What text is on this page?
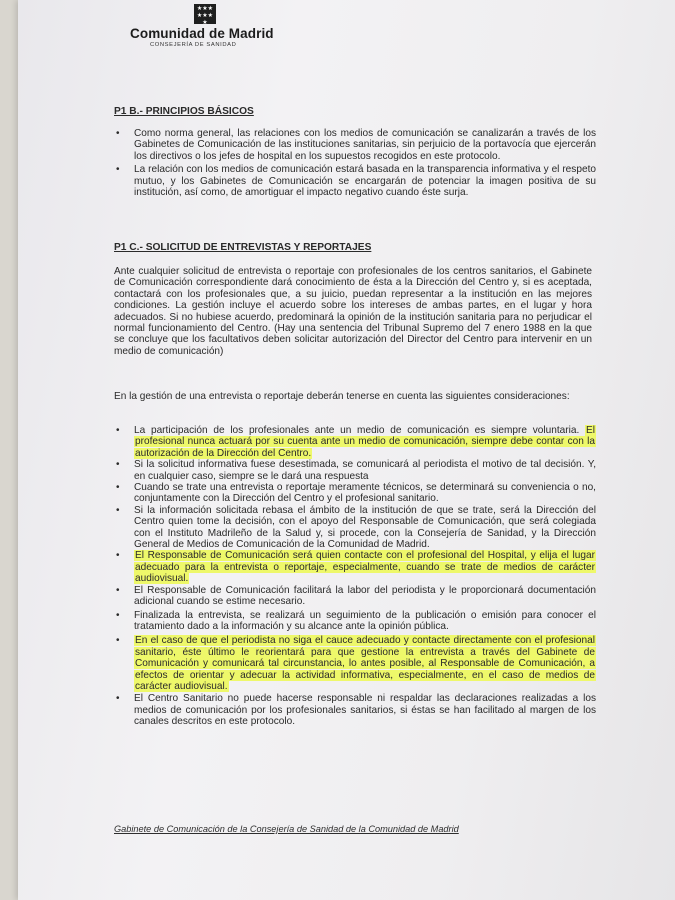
★★★
★★★
★
Comunidad de Madrid
CONSEJERÍA DE SANIDAD
P1 B.- PRINCIPIOS BÁSICOS
• Como norma general, las relaciones con los medios de comunicación se canalizarán a través de los Gabinetes de Comunicación de las instituciones sanitarias, sin perjuicio de la portavocía que ejercerán los directivos o los jefes de hospital en los supuestos recogidos en este protocolo.
• La relación con los medios de comunicación estará basada en la transparencia informativa y el respeto mutuo, y los Gabinetes de Comunicación se encargarán de potenciar la imagen positiva de su institución, así como, de amortiguar el impacto negativo cuando éste surja.
P1 C.- SOLICITUD DE ENTREVISTAS Y REPORTAJES
Ante cualquier solicitud de entrevista o reportaje con profesionales de los centros sanitarios, el Gabinete de Comunicación correspondiente dará conocimiento de ésta a la Dirección del Centro y, si es aceptada, contactará con los profesionales que, a su juicio, puedan representar a la institución en las mejores condiciones. La gestión incluye el acuerdo sobre los intereses de ambas partes, en el lugar y hora adecuados. Si no hubiese acuerdo, predominará la opinión de la institución sanitaria para no perjudicar el normal funcionamiento del Centro. (Hay una sentencia del Tribunal Supremo del 7 enero 1988 en la que se concluye que los facultativos deben solicitar autorización del Director del Centro para intervenir en un medio de comunicación)
En la gestión de una entrevista o reportaje deberán tenerse en cuenta las siguientes consideraciones:
• La participación de los profesionales ante un medio de comunicación es siempre voluntaria. El profesional nunca actuará por su cuenta ante un medio de comunicación, siempre debe contar con la autorización de la Dirección del Centro.
• Si la solicitud informativa fuese desestimada, se comunicará al periodista el motivo de tal decisión. Y, en cualquier caso, siempre se le dará una respuesta
• Cuando se trate una entrevista o reportaje meramente técnicos, se determinará su conveniencia o no, conjuntamente con la Dirección del Centro y el profesional sanitario.
• Si la información solicitada rebasa el ámbito de la institución de que se trate, será la Dirección del Centro quien tome la decisión, con el apoyo del Responsable de Comunicación, que será colegiada con el Instituto Madrileño de la Salud y, si procede, con la Consejería de Sanidad, y la Dirección General de Medios de Comunicación de la Comunidad de Madrid.
• El Responsable de Comunicación será quien contacte con el profesional del Hospital, y elija el lugar adecuado para la entrevista o reportaje, especialmente, cuando se trate de medios de carácter audiovisual.
• El Responsable de Comunicación facilitará la labor del periodista y le proporcionará documentación adicional cuando se estime necesario.
• Finalizada la entrevista, se realizará un seguimiento de la publicación o emisión para conocer el tratamiento dado a la información y su alcance ante la opinión pública.
• En el caso de que el periodista no siga el cauce adecuado y contacte directamente con el profesional sanitario, éste último le reorientará para que gestione la entrevista a través del Gabinete de Comunicación y comunicará tal circunstancia, lo antes posible, al Responsable de Comunicación, a efectos de orientar y adecuar la actividad informativa, especialmente, en el caso de medios de carácter audiovisual.
• El Centro Sanitario no puede hacerse responsable ni respaldar las declaraciones realizadas a los medios de comunicación por los profesionales sanitarios, si éstas se han facilitado al margen de los canales descritos en este protocolo.
Gabinete de Comunicación de la Consejería de Sanidad de la Comunidad de Madrid
